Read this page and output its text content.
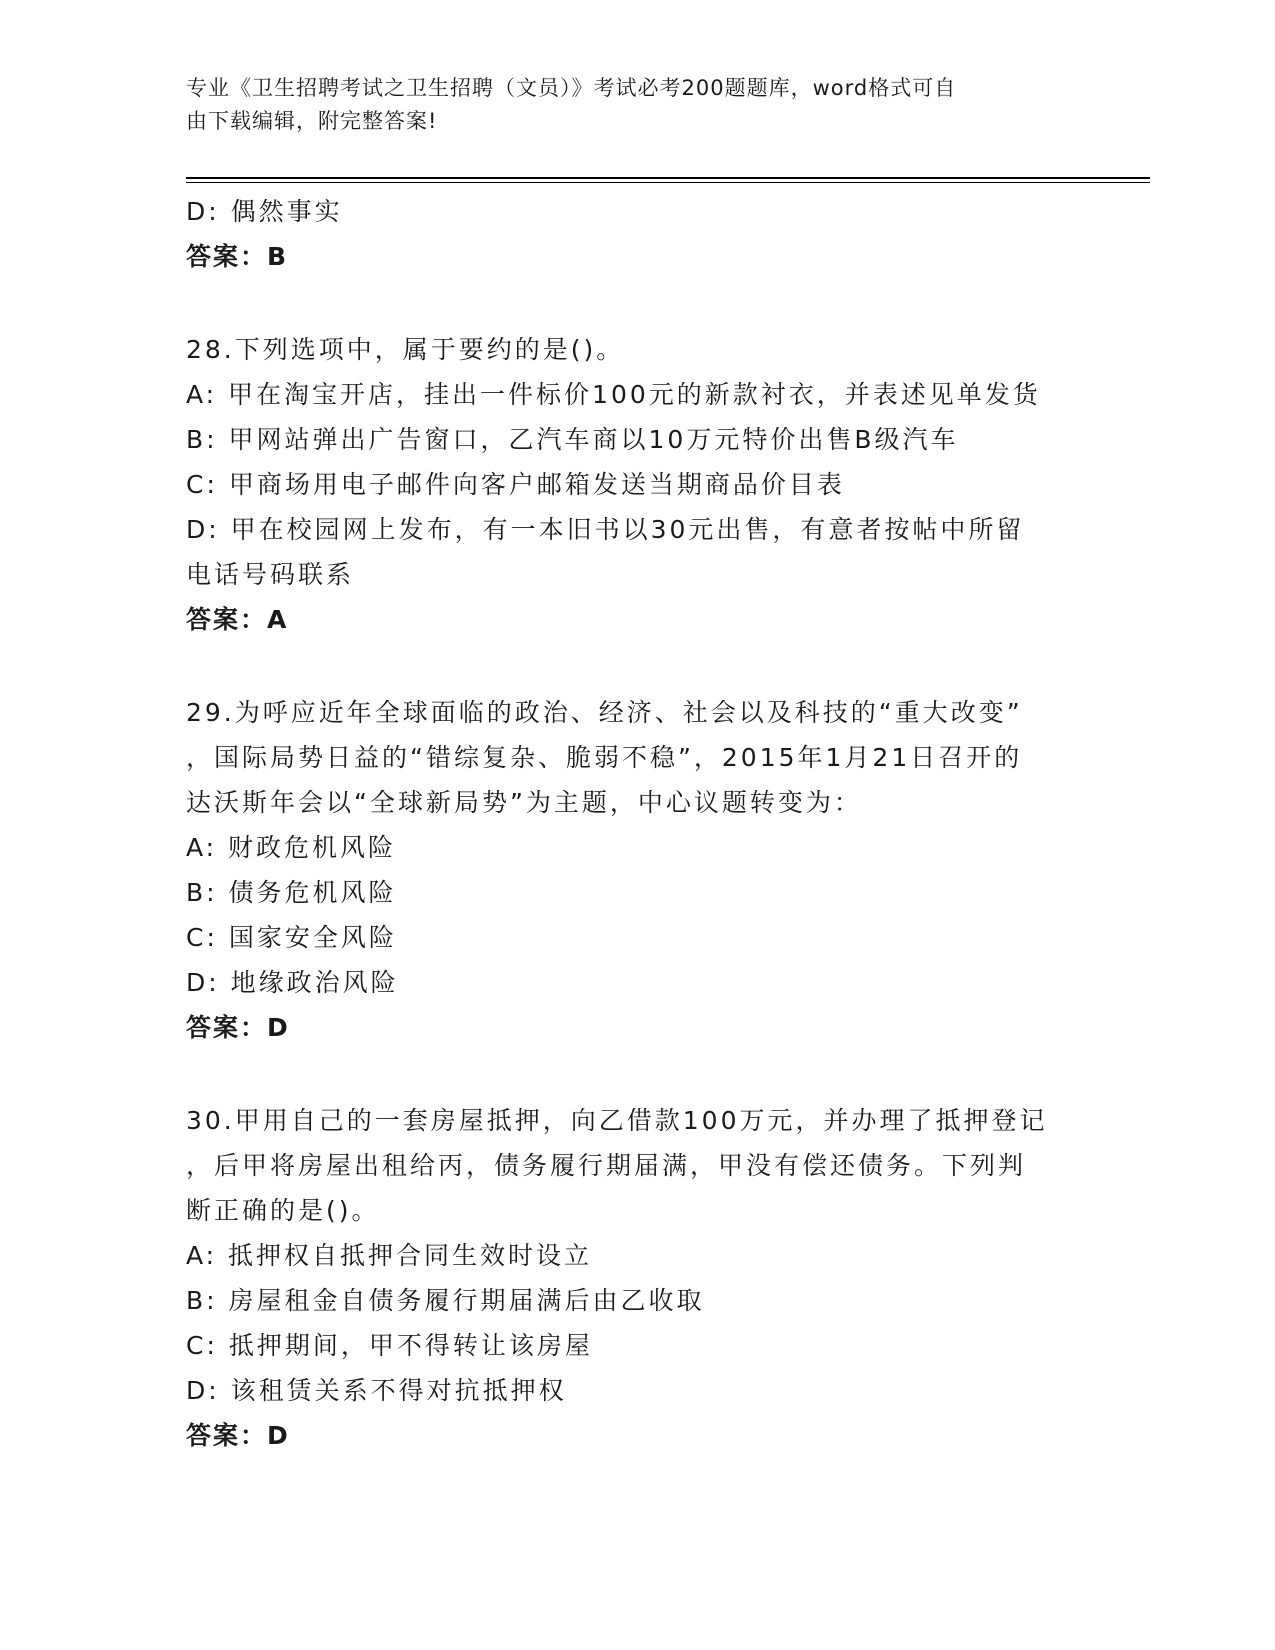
专业《卫生招聘考试之卫生招聘（文员）》考试必考200题题库，word格式可自
由下载编辑，附完整答案!
D: 偶然事实
答案：B
28.下列选项中，属于要约的是()。
A: 甲在淘宝开店，挂出一件标价100元的新款衬衣，并表述见单发货
B: 甲网站弹出广告窗口，乙汽车商以10万元特价出售B级汽车
C: 甲商场用电子邮件向客户邮箱发送当期商品价目表
D: 甲在校园网上发布，有一本旧书以30元出售，有意者按帖中所留
电话号码联系
答案：A
29.为呼应近年全球面临的政治、经济、社会以及科技的“重大改变”
，国际局势日益的“错综复杂、脆弱不稳”，2015年1月21日召开的
达沃斯年会以“全球新局势”为主题，中心议题转变为：
A: 财政危机风险
B: 债务危机风险
C: 国家安全风险
D: 地缘政治风险
答案：D
30.甲用自己的一套房屋抵押，向乙借款100万元，并办理了抵押登记
，后甲将房屋出租给丙，债务履行期届满，甲没有偿还债务。下列判
断正确的是()。
A: 抵押权自抵押合同生效时设立
B: 房屋租金自债务履行期届满后由乙收取
C: 抵押期间，甲不得转让该房屋
D: 该租赁关系不得对抗抵押权
答案：D
